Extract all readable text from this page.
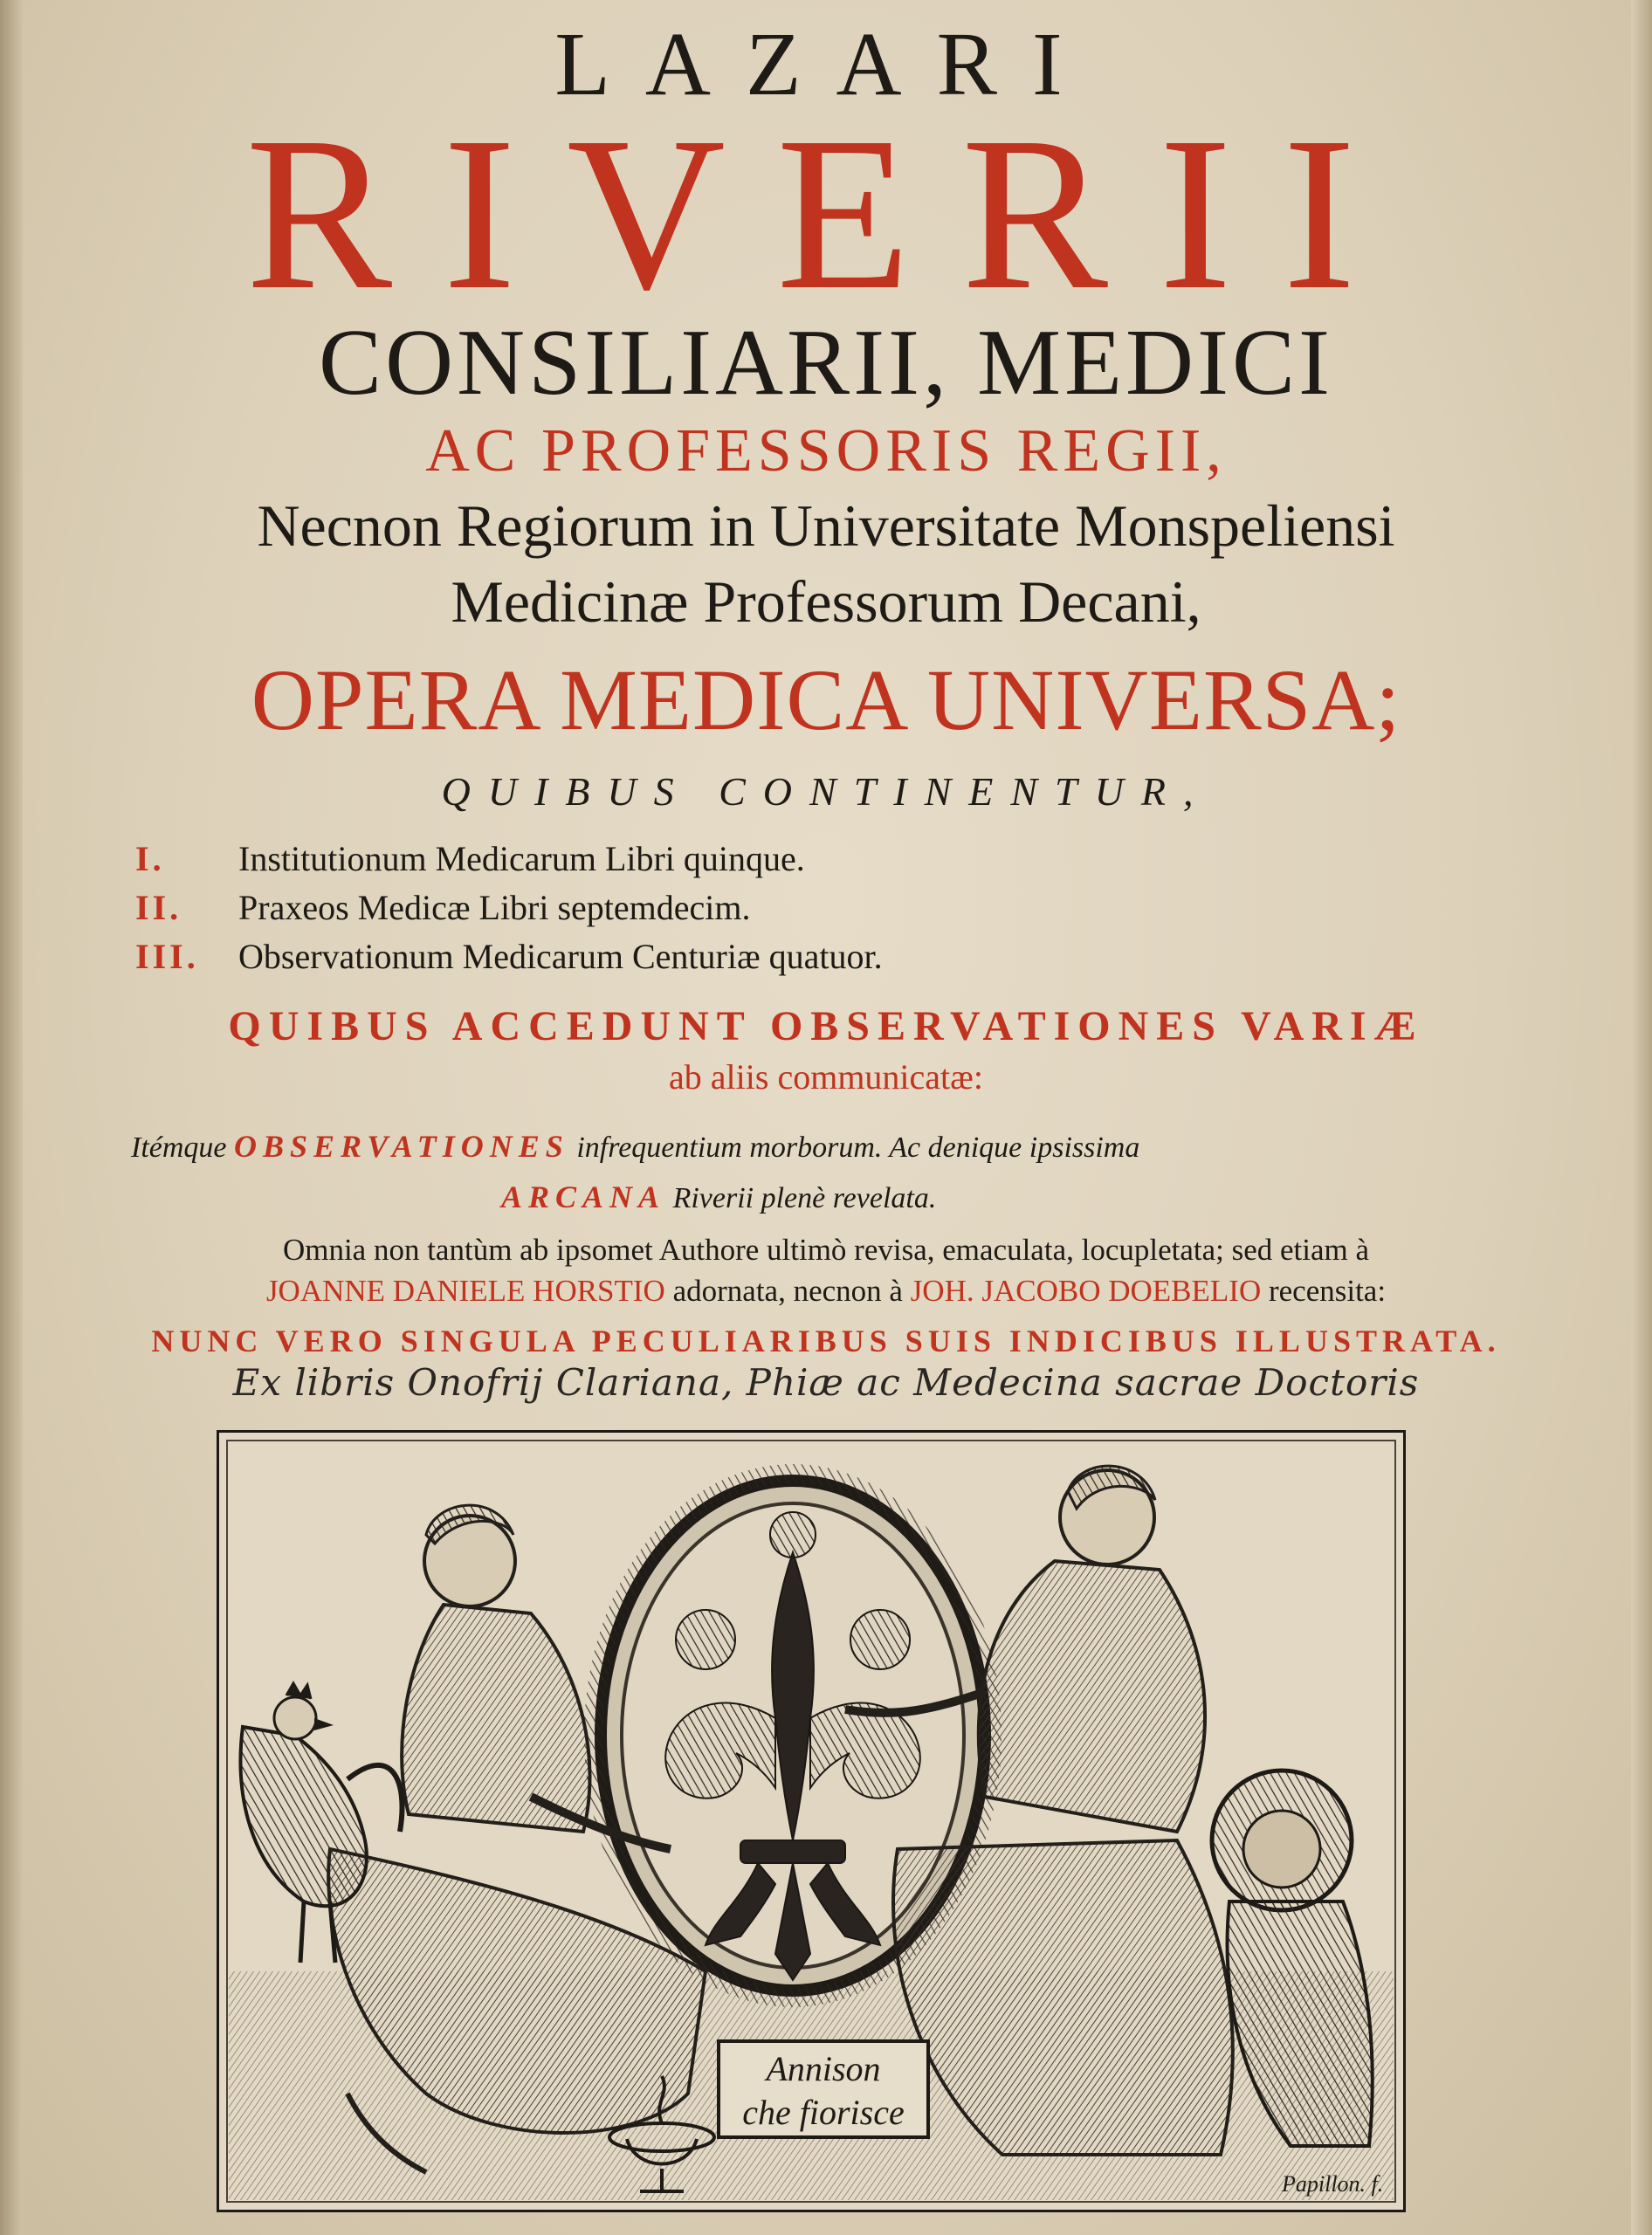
LAZARI
RIVERII
CONSILIARII, MEDICI
AC PROFESSORIS REGII,
Necnon Regiorum in Universitate Monspeliensi
Medicinæ Professorum Decani,
OPERA MEDICA UNIVERSA;
QUIBUS CONTINENTUR,
I.	Institutionum Medicarum Libri quinque.
II.	Praxeos Medicæ Libri septemdecim.
III.	Observationum Medicarum Centuriæ quatuor.
QUIBUS ACCEDUNT OBSERVATIONES VARIÆ
ab aliis communicatæ:
Itémque OBSERVATIONES infrequentium morborum. Ac denique ipsissima
ARCANA Riverii plenè revelata.
Omnia non tantùm ab ipsomet Authore ultimò revisa, emaculata, locupletata; sed etiam à
JOANNE DANIELE HORSTIO adornata, necnon à JOH. JACOBO DOEBELIO recensita:
NUNC VERO SINGULA PECULIARIBUS SUIS INDICIBUS ILLUSTRATA.
Ex libris Onofrij Clariana, Phiæ ac Medecina sacrae Doctoris
Annison
che fiorisce
Papillon. f.
